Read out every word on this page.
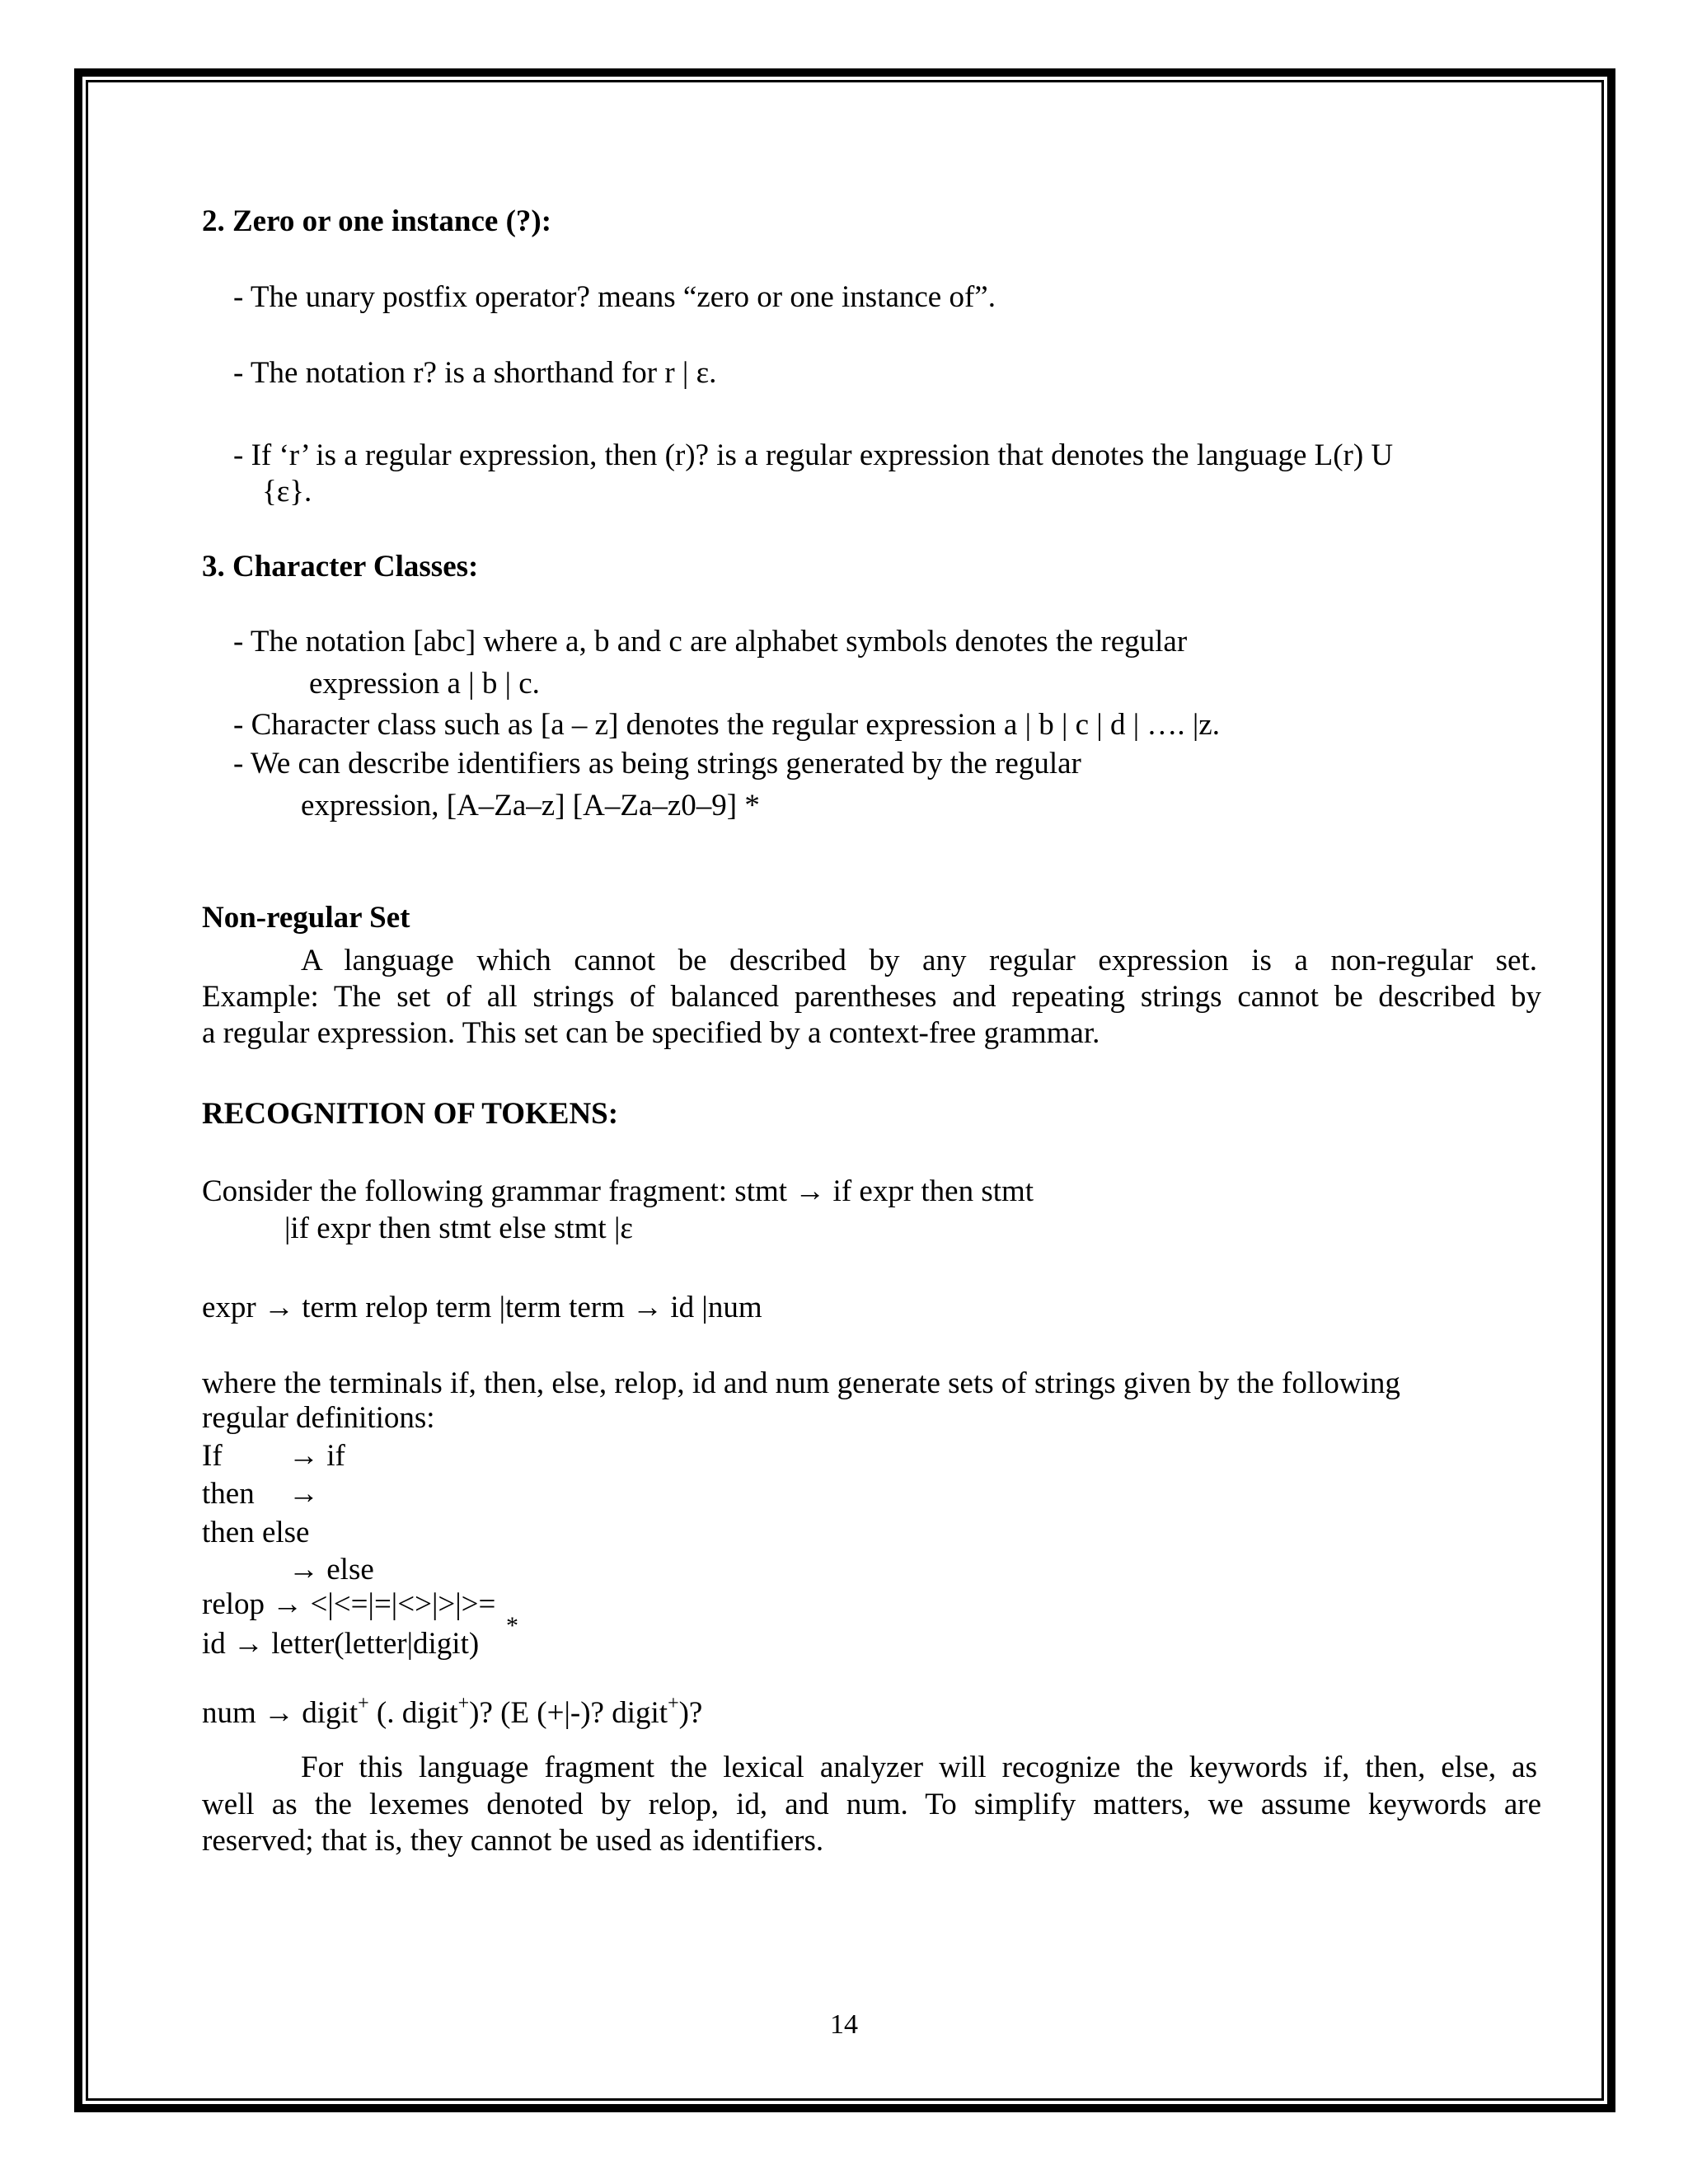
2. Zero or one instance (?):
- The unary postfix operator? means “zero or one instance of”.
- The notation r? is a shorthand for r | ε.
- If ‘r’ is a regular expression, then (r)? is a regular expression that denotes the language L(r) U
{ε}.
3. Character Classes:
- The notation [abc] where a, b and c are alphabet symbols denotes the regular
expression a | b | c.
- Character class such as [a – z] denotes the regular expression a | b | c | d | …. |z.
- We can describe identifiers as being strings generated by the regular
expression, [A–Za–z] [A–Za–z0–9] *
Non-regular Set
A language which cannot be described by any regular expression is a non-regular set.
Example: The set of all strings of balanced parentheses and repeating strings cannot be described by
a regular expression. This set can be specified by a context-free grammar.
RECOGNITION OF TOKENS:
Consider the following grammar fragment: stmt → if expr then stmt
|if expr then stmt else stmt |ε
expr → term relop term |term term → id |num
where the terminals if, then, else, relop, id and num generate sets of strings given by the following
regular definitions:
If → if
then →
then else
→ else
relop → <|<=|=|<>|>|>=
id → letter(letter|digit)
*
num → digit+ (. digit+)? (E (+|-)? digit+)?
For this language fragment the lexical analyzer will recognize the keywords if, then, else, as
well as the lexemes denoted by relop, id, and num. To simplify matters, we assume keywords are
reserved; that is, they cannot be used as identifiers.
14
